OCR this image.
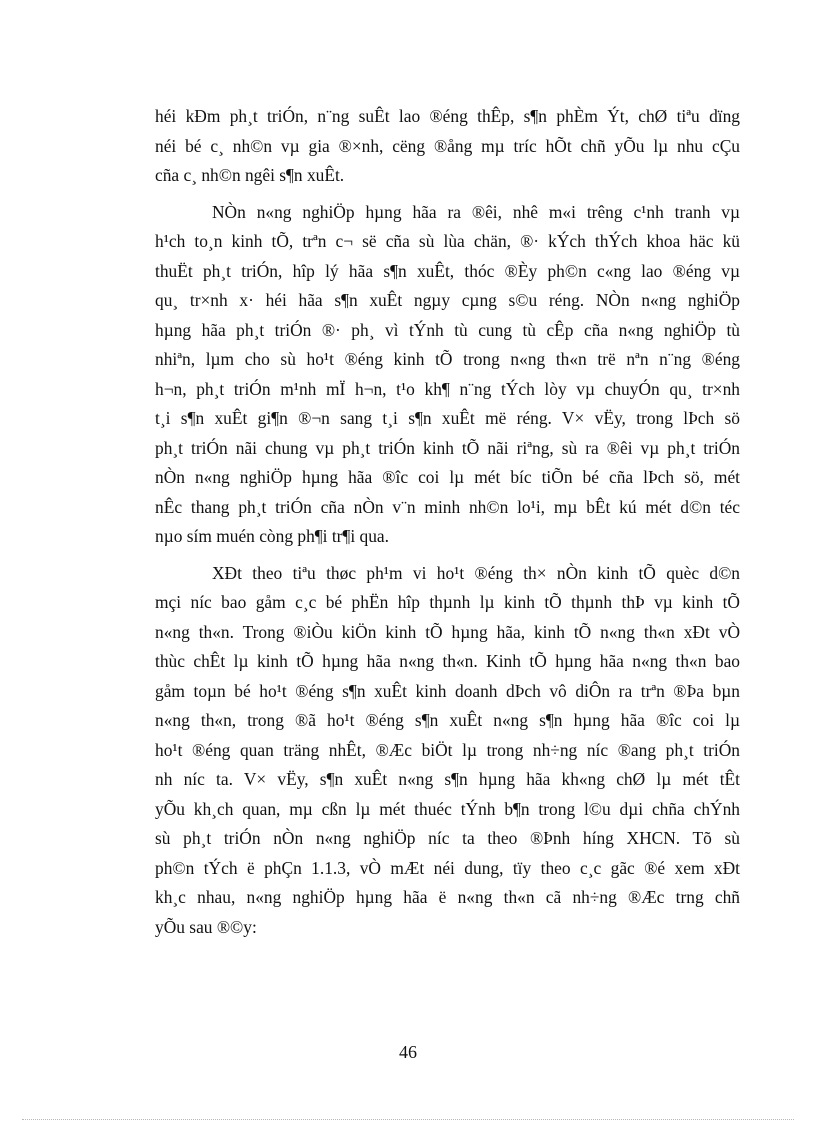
héi kÐm ph¸t triÓn, n¨ng suÊt lao ®éng thÊp, s¶n phÈm Ýt, chØ tiªu dïng
néi bé c¸ nh©n vµ gia ®×nh, cëng ®ång mµ tríc hÕt chñ yÕu lµ nhu cÇu
cña c¸ nh©n ngêi s¶n xuÊt.
NÒn n«ng nghiÖp hµng hãa ra ®êi, nhê m«i trêng c¹nh tranh vµ
h¹ch to¸n kinh tÕ, trªn c¬ së cña sù lùa chän, ®· kÝch thÝch khoa häc kü
thuËt ph¸t triÓn, hîp lý hãa s¶n xuÊt, thóc ®Èy ph©n c«ng lao ®éng vµ
qu¸ tr×nh x· héi hãa s¶n xuÊt ngµy cµng s©u réng. NÒn n«ng nghiÖp
hµng hãa ph¸t triÓn ®· ph¸ vì tÝnh tù cung tù cÊp cña n«ng nghiÖp tù
nhiªn, lµm cho sù ho¹t ®éng kinh tÕ trong n«ng th«n trë nªn n¨ng ®éng
h¬n, ph¸t triÓn m¹nh mÏ h¬n, t¹o kh¶ n¨ng tÝch lòy vµ chuyÓn qu¸ tr×nh
t¸i s¶n xuÊt gi¶n ®¬n sang t¸i s¶n xuÊt më réng. V× vËy, trong lÞch sö
ph¸t triÓn nãi chung vµ ph¸t triÓn kinh tÕ nãi riªng, sù ra ®êi vµ ph¸t triÓn
nÒn n«ng nghiÖp hµng hãa ®îc coi lµ mét bíc tiÕn bé cña lÞch sö, mét
nÊc thang ph¸t triÓn cña nÒn v¨n minh nh©n lo¹i, mµ bÊt kú mét d©n téc
nµo sím muén còng ph¶i tr¶i qua.
XÐt theo tiªu thøc ph¹m vi ho¹t ®éng th× nÒn kinh tÕ quèc d©n
mçi níc bao gåm c¸c bé phËn hîp thµnh lµ kinh tÕ thµnh thÞ vµ kinh tÕ
n«ng th«n. Trong ®iÒu kiÖn kinh tÕ hµng hãa, kinh tÕ n«ng th«n xÐt vÒ
thùc chÊt lµ kinh tÕ hµng hãa n«ng th«n. Kinh tÕ hµng hãa n«ng th«n bao
gåm toµn bé ho¹t ®éng s¶n xuÊt kinh doanh dÞch vô diÔn ra trªn ®Þa bµn
n«ng th«n, trong ®ã ho¹t ®éng s¶n xuÊt n«ng s¶n hµng hãa ®îc coi lµ
ho¹t ®éng quan träng nhÊt, ®Æc biÖt lµ trong nh÷ng níc ®ang ph¸t triÓn
nh níc ta. V× vËy, s¶n xuÊt n«ng s¶n hµng hãa kh«ng chØ lµ mét tÊt
yÕu kh¸ch quan, mµ cßn lµ mét thuéc tÝnh b¶n trong l©u dµi chña chÝnh
sù ph¸t triÓn nÒn n«ng nghiÖp níc ta theo ®Þnh híng XHCN. Tõ sù
ph©n tÝch ë phÇn 1.1.3, vÒ mÆt néi dung, tïy theo c¸c gãc ®é xem xÐt
kh¸c nhau, n«ng nghiÖp hµng hãa ë n«ng th«n cã nh÷ng ®Æc trng chñ
yÕu sau ®©y:
46
